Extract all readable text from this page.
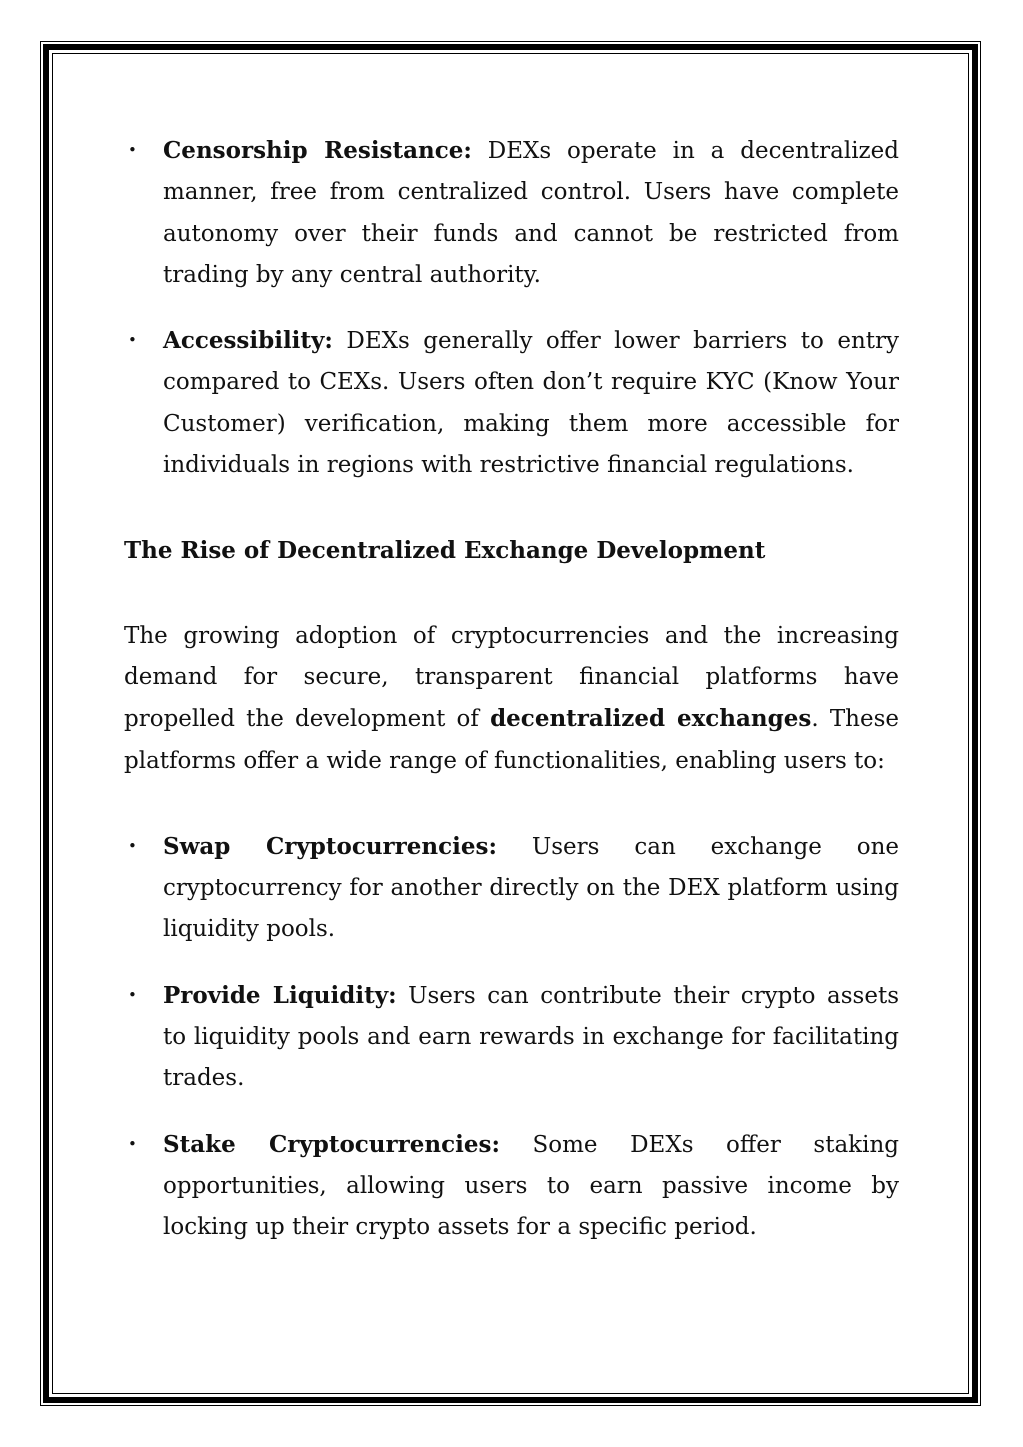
• Censorship Resistance: DEXs operate in a decentralized manner, free from centralized control. Users have complete autonomy over their funds and cannot be restricted from trading by any central authority.
• Accessibility: DEXs generally offer lower barriers to entry compared to CEXs. Users often don’t require KYC (Know Your Customer) verification, making them more accessible for individuals in regions with restrictive financial regulations.
The Rise of Decentralized Exchange Development

The growing adoption of cryptocurrencies and the increasing demand for secure, transparent financial platforms have propelled the development of decentralized exchanges. These platforms offer a wide range of functionalities, enabling users to:

• Swap Cryptocurrencies: Users can exchange one cryptocurrency for another directly on the DEX platform using liquidity pools.
• Provide Liquidity: Users can contribute their crypto assets to liquidity pools and earn rewards in exchange for facilitating trades.
• Stake Cryptocurrencies: Some DEXs offer staking opportunities, allowing users to earn passive income by locking up their crypto assets for a specific period.
